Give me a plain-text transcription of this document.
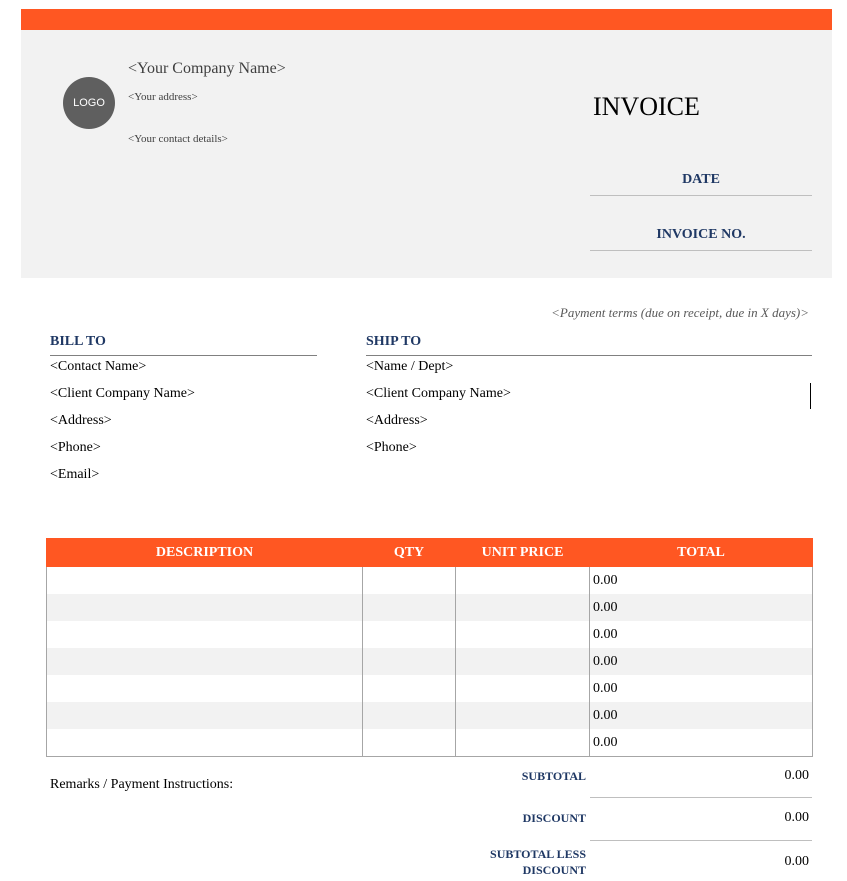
LOGO
<Your Company Name>
<Your address>
<Your contact details>
INVOICE
DATE
INVOICE NO.
<Payment terms (due on receipt, due in X days)>
BILL TO
<Contact Name>
<Client Company Name>
<Address>
<Phone>
<Email>
SHIP TO
<Name / Dept>
<Client Company Name>
<Address>
<Phone>
DESCRIPTION	QTY	UNIT PRICE	TOTAL
			0.00
			0.00
			0.00
			0.00
			0.00
			0.00
			0.00
Remarks / Payment Instructions:
SUBTOTAL	0.00
DISCOUNT	0.00
SUBTOTAL LESS
DISCOUNT
0.00
